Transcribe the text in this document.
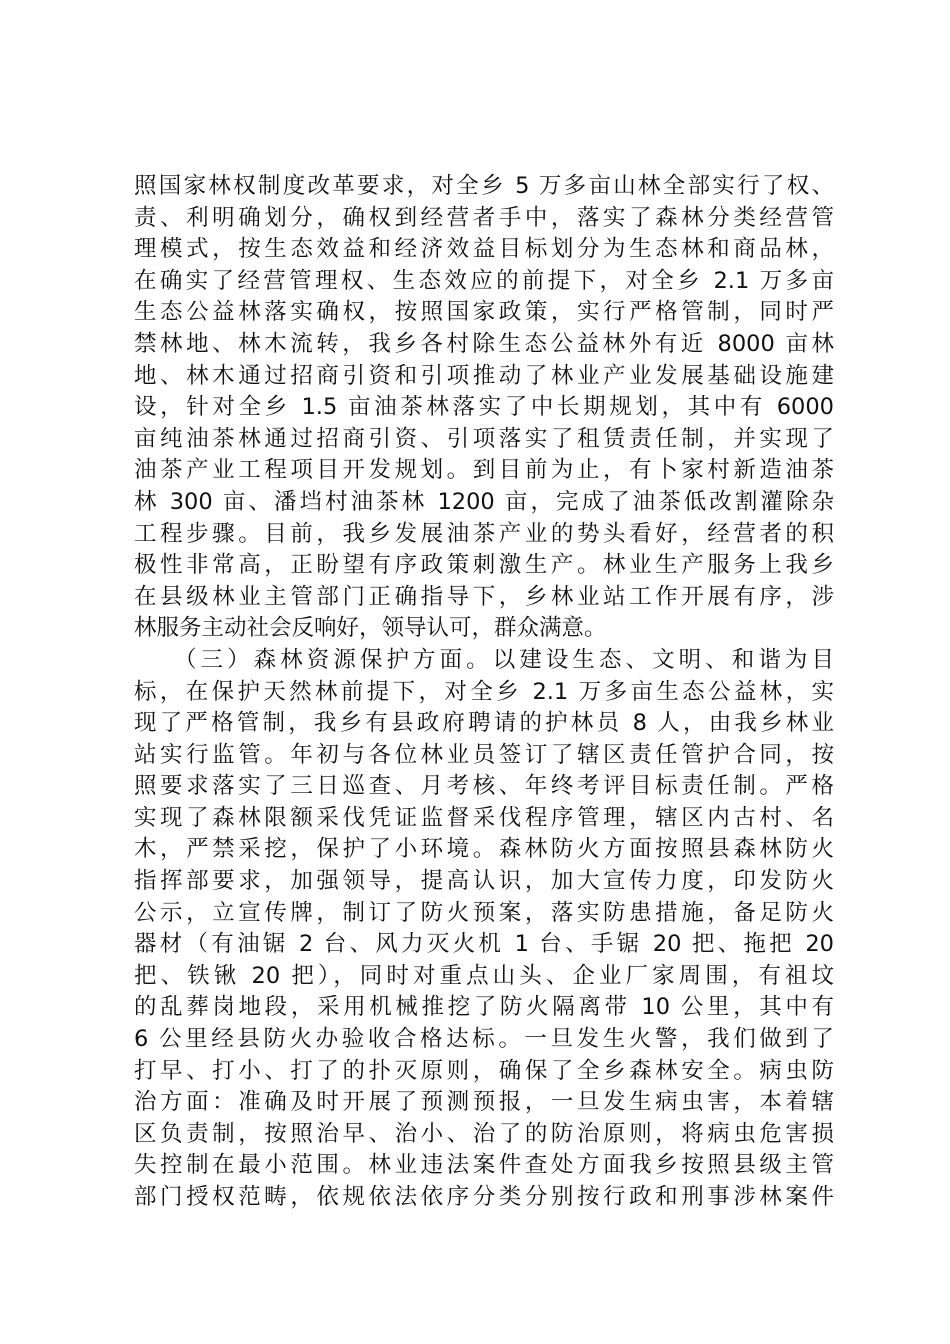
照国家林权制度改革要求，对全乡 5 万多亩山林全部实行了权、
责、利明确划分，确权到经营者手中，落实了森林分类经营管
理模式，按生态效益和经济效益目标划分为生态林和商品林，
在确实了经营管理权、生态效应的前提下，对全乡 2.1 万多亩
生态公益林落实确权，按照国家政策，实行严格管制，同时严
禁林地、林木流转，我乡各村除生态公益林外有近 8000 亩林
地、林木通过招商引资和引项推动了林业产业发展基础设施建
设，针对全乡 1.5 亩油茶林落实了中长期规划，其中有 6000
亩纯油茶林通过招商引资、引项落实了租赁责任制，并实现了
油茶产业工程项目开发规划。到目前为止，有卜家村新造油茶
林 300 亩、潘垱村油茶林 1200 亩，完成了油茶低改割灌除杂
工程步骤。目前，我乡发展油茶产业的势头看好，经营者的积
极性非常高，正盼望有序政策刺激生产。林业生产服务上我乡
在县级林业主管部门正确指导下，乡林业站工作开展有序，涉
林服务主动社会反响好，领导认可，群众满意。
（三）森林资源保护方面。以建设生态、文明、和谐为目
标，在保护天然林前提下，对全乡 2.1 万多亩生态公益林，实
现了严格管制，我乡有县政府聘请的护林员 8 人，由我乡林业
站实行监管。年初与各位林业员签订了辖区责任管护合同，按
照要求落实了三日巡查、月考核、年终考评目标责任制。严格
实现了森林限额采伐凭证监督采伐程序管理，辖区内古村、名
木，严禁采挖，保护了小环境。森林防火方面按照县森林防火
指挥部要求，加强领导，提高认识，加大宣传力度，印发防火
公示，立宣传牌，制订了防火预案，落实防患措施，备足防火
器材（有油锯 2 台、风力灭火机 1 台、手锯 20 把、拖把 20
把、铁锹 20 把），同时对重点山头、企业厂家周围，有祖坟
的乱葬岗地段，采用机械推挖了防火隔离带 10 公里，其中有
6 公里经县防火办验收合格达标。一旦发生火警，我们做到了
打早、打小、打了的扑灭原则，确保了全乡森林安全。病虫防
治方面：准确及时开展了预测预报，一旦发生病虫害，本着辖
区负责制，按照治早、治小、治了的防治原则，将病虫危害损
失控制在最小范围。林业违法案件查处方面我乡按照县级主管
部门授权范畴，依规依法依序分类分别按行政和刑事涉林案件
